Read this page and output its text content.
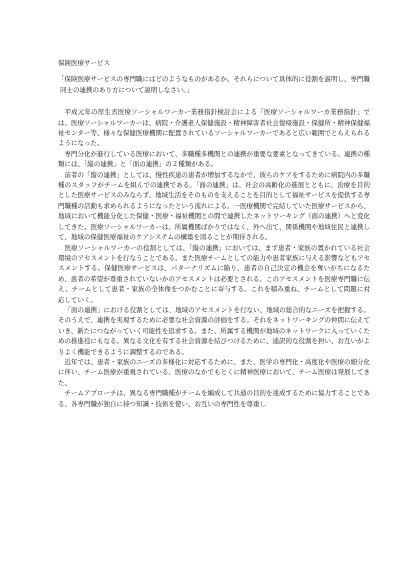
保険医療サービス

「保険医療サービスの専門職にはどのようなものがあるか。それらについて具体的に役割を説明し、専門職同士の連携のあり方について説明しなさい。」

平成元年の厚生省医療ソーシャルワーカー業務指針検討会による「医療ソーシャルワーカ業務指針」では、医療ソーシャルワーカーは、病院・介護老人保健施設・精神障害者社会復帰施設・保健所・精神保健福祉センター等、様々な保健医療機関に配置されているソーシャルワーカーであると広い範囲でとらえられるようになった。

専門分化が進行している医療において、多職種多機関との連携が重要な要素となってきている。連携の種類には、「縦の連携」と「面の連携」の２種類がある。

前者の「縦の連携」としては、慢性疾患の患者が増加するなかで、彼らのケアをするために病院内の多職種のスタッフがチームを組んでの連携である。「面の連携」は、社会の高齢化の進展とともに、治療を目的とした医療サービスのみならず、地域生活をそのものを支えることを目的として福祉サービスを提供する専門職種の活動も求められるようになったという流れによる。一医療機関で完結していた医療サービスから、地域において機能分化した保健・医療・福祉機関との間で連携したネットワーキング（面の連携）へと変化してきた。医療ソーシャルワーカーは、所属機関ばかりではなく、外へ出て、関係機関や地域住民と連携して、地域の保健医療福祉のケアシステムの構築を図ることが期待される。

医療ソーシャルワーカーの役割としては、「縦の連携」においては、まず患者・家族の置かれている社会環境のアセスメントを行なうことである。また医療チームとしての能力や患者家族に与える影響などもアセスメントする。保健医療サービスは、パターナリズムに陥り、患者の自己決定の機会を奪いがちになるため、患者の希望が尊重されていないかのアセスメントは必要とされる。このアセスメントを医療専門職に伝え、チームとして患者・家族の全体像をつかむことに寄与する。これを積み重ね、チームとして問題に対応していく。

「面の連携」における役割としては、地域のアセスメントを行ない、地域の総合的なニーズを把握する。そのうえで、連携を実現するために必要な社会資源の評価をする。それをネットワーキングの仲間に伝えていき、新たにつながっていく可能性を追求する。また、所属する機関が地域のネットワークに入っていくための推進役にもなる。異なる文化を有する社会資源を結びつけるために、通訳的な役割を担い、お互いがよりよく機能できるように調整するのである。

近年では、患者・家族のニーズの多様化に対応するために、また、医学の専門化・高度化や医療の細分化に伴い、チーム医療が重視されている。医療のなかでもとくに精神医療において、チーム医療は発展してきた。

チームアプローチは、異なる専門職種がチームを編成して共通の目的を達成するために協力することである。各専門職が独自に持つ知識・技術を使い、お互いの専門性を尊重し
